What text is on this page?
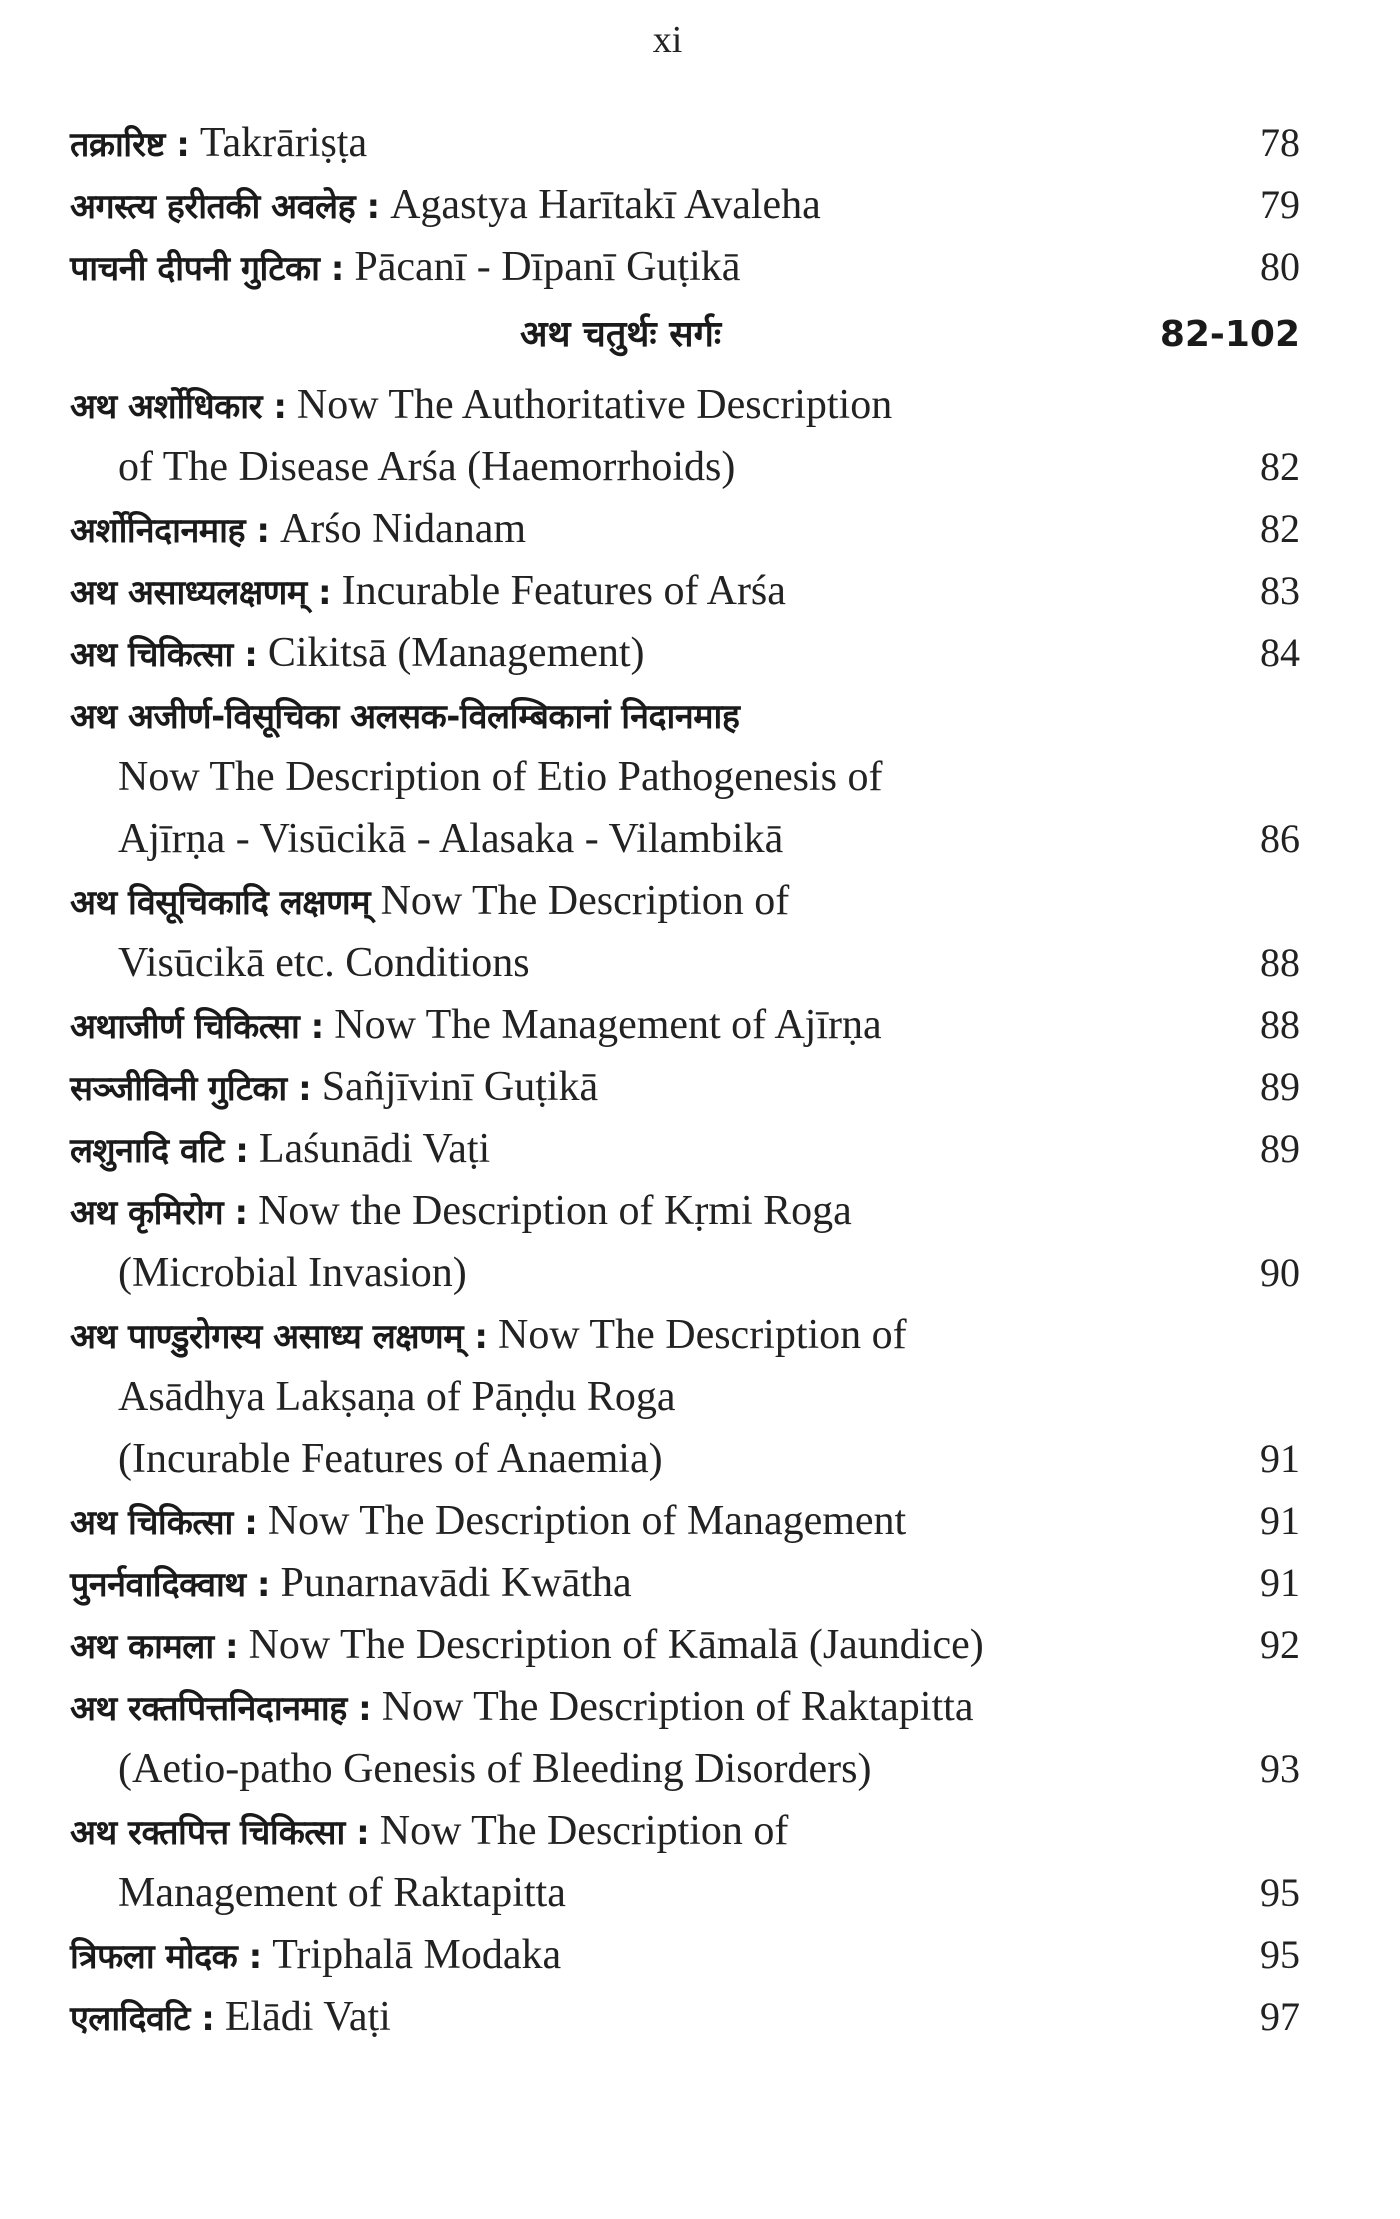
xi
तक्रारिष्ट : Takrāriṣṭa	78
अगस्त्य हरीतकी अवलेह : Agastya Harītakī Avaleha	79
पाचनी दीपनी गुटिका : Pācanī - Dīpanī Guṭikā	80
अथ चतुर्थः सर्गः	82-102
अथ अर्शोधिकार : Now The Authoritative Description
of The Disease Arśa (Haemorrhoids)	82
अर्शोनिदानमाह : Arśo Nidanam	82
अथ असाध्यलक्षणम् : Incurable Features of Arśa	83
अथ चिकित्सा : Cikitsā (Management)	84
अथ अजीर्ण-विसूचिका अलसक-विलम्बिकानां निदानमाह
Now The Description of Etio Pathogenesis of
Ajīrṇa - Visūcikā - Alasaka - Vilambikā	86
अथ विसूचिकादि लक्षणम् Now The Description of
Visūcikā etc. Conditions	88
अथाजीर्ण चिकित्सा : Now The Management of Ajīrṇa	88
सञ्जीविनी गुटिका : Sañjīvinī Guṭikā	89
लशुनादि वटि : Laśunādi Vaṭi	89
अथ कृमिरोग : Now the Description of Kṛmi Roga
(Microbial Invasion)	90
अथ पाण्डुरोगस्य असाध्य लक्षणम् : Now The Description of
Asādhya Lakṣaṇa of Pāṇḍu Roga
(Incurable Features of Anaemia)	91
अथ चिकित्सा : Now The Description of Management	91
पुनर्नवादिक्वाथ : Punarnavādi Kwātha	91
अथ कामला : Now The Description of Kāmalā (Jaundice)	92
अथ रक्तपित्तनिदानमाह : Now The Description of Raktapitta
(Aetio-patho Genesis of Bleeding Disorders)	93
अथ रक्तपित्त चिकित्सा : Now The Description of
Management of Raktapitta	95
त्रिफला मोदक : Triphalā Modaka	95
एलादिवटि : Elādi Vaṭi	97
